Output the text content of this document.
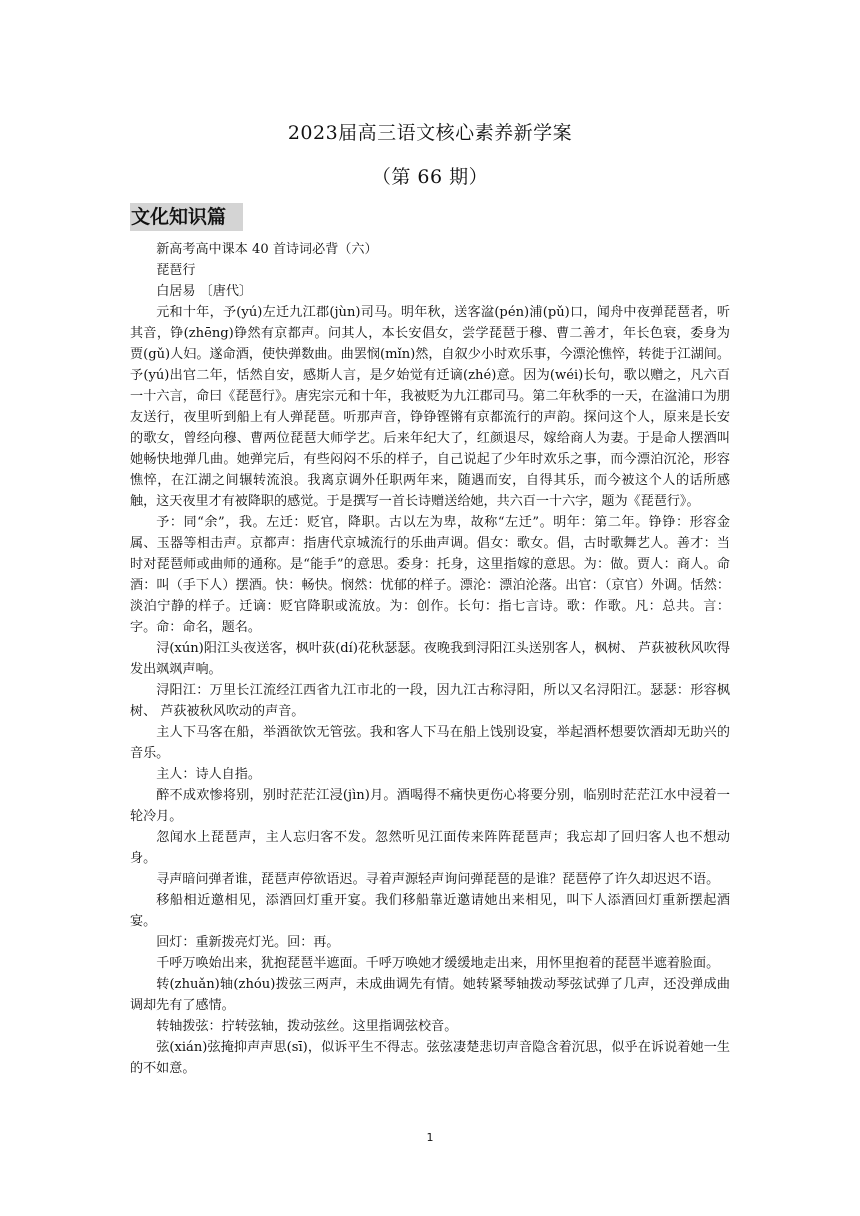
2023届高三语文核心素养新学案
（第 66 期）
文化知识篇

新高考高中课本 40 首诗词必背（六）

琵琶行

白居易 〔唐代〕

元和十年，予(yú)左迁九江郡(jùn)司马。明年秋，送客湓(pén)浦(pǔ)口，闻舟中夜弹琵琶者，听其音，铮(zhēng)铮然有京都声。问其人，本长安倡女，尝学琵琶于穆、曹二善才，年长色衰，委身为贾(gǔ)人妇。遂命酒，使快弹数曲。曲罢悯(mǐn)然，自叙少小时欢乐事，今漂沦憔悴，转徙于江湖间。予(yú)出官二年，恬然自安，感斯人言，是夕始觉有迁谪(zhé)意。因为(wéi)长句，歌以赠之，凡六百一十六言，命曰《琵琶行》。唐宪宗元和十年，我被贬为九江郡司马。第二年秋季的一天，在湓浦口为朋友送行，夜里听到船上有人弹琵琶。听那声音，铮铮铿锵有京都流行的声韵。探问这个人，原来是长安的歌女，曾经向穆、曹两位琵琶大师学艺。后来年纪大了，红颜退尽，嫁给商人为妻。于是命人摆酒叫她畅快地弹几曲。她弹完后，有些闷闷不乐的样子，自己说起了少年时欢乐之事，而今漂泊沉沦，形容憔悴，在江湖之间辗转流浪。我离京调外任职两年来，随遇而安，自得其乐，而今被这个人的话所感触，这天夜里才有被降职的感觉。于是撰写一首长诗赠送给她，共六百一十六字，题为《琵琶行》。

予：同“余”，我。左迁：贬官，降职。古以左为卑，故称“左迁”。明年：第二年。铮铮：形容金属、玉器等相击声。京都声：指唐代京城流行的乐曲声调。倡女：歌女。倡，古时歌舞艺人。善才：当时对琵琶师或曲师的通称。是“能手”的意思。委身：托身，这里指嫁的意思。为：做。贾人：商人。命酒：叫（手下人）摆酒。快：畅快。悯然：忧郁的样子。漂沦：漂泊沦落。出官：（京官）外调。恬然：淡泊宁静的样子。迁谪：贬官降职或流放。为：创作。长句：指七言诗。歌：作歌。凡：总共。言：字。命：命名，题名。

浔(xún)阳江头夜送客，枫叶荻(dí)花秋瑟瑟。夜晚我到浔阳江头送别客人，枫树、 芦荻被秋风吹得发出飒飒声响。

浔阳江：万里长江流经江西省九江市北的一段，因九江古称浔阳，所以又名浔阳江。瑟瑟：形容枫树、 芦荻被秋风吹动的声音。

主人下马客在船，举酒欲饮无管弦。我和客人下马在船上饯别设宴，举起酒杯想要饮酒却无助兴的音乐。

主人：诗人自指。

醉不成欢惨将别，别时茫茫江浸(jìn)月。酒喝得不痛快更伤心将要分别，临别时茫茫江水中浸着一轮冷月。

忽闻水上琵琶声，主人忘归客不发。忽然听见江面传来阵阵琵琶声；我忘却了回归客人也不想动身。

寻声暗问弹者谁，琵琶声停欲语迟。寻着声源轻声询问弹琵琶的是谁？琵琶停了许久却迟迟不语。

移船相近邀相见，添酒回灯重开宴。我们移船靠近邀请她出来相见，叫下人添酒回灯重新摆起酒宴。

回灯：重新拨亮灯光。回：再。

千呼万唤始出来，犹抱琵琶半遮面。千呼万唤她才缓缓地走出来，用怀里抱着的琵琶半遮着脸面。

转(zhuǎn)轴(zhóu)拨弦三两声，未成曲调先有情。她转紧琴轴拨动琴弦试弹了几声，还没弹成曲调却先有了感情。

转轴拨弦：拧转弦轴，拨动弦丝。这里指调弦校音。

弦(xián)弦掩抑声声思(sī)，似诉平生不得志。弦弦凄楚悲切声音隐含着沉思，似乎在诉说着她一生的不如意。

1
